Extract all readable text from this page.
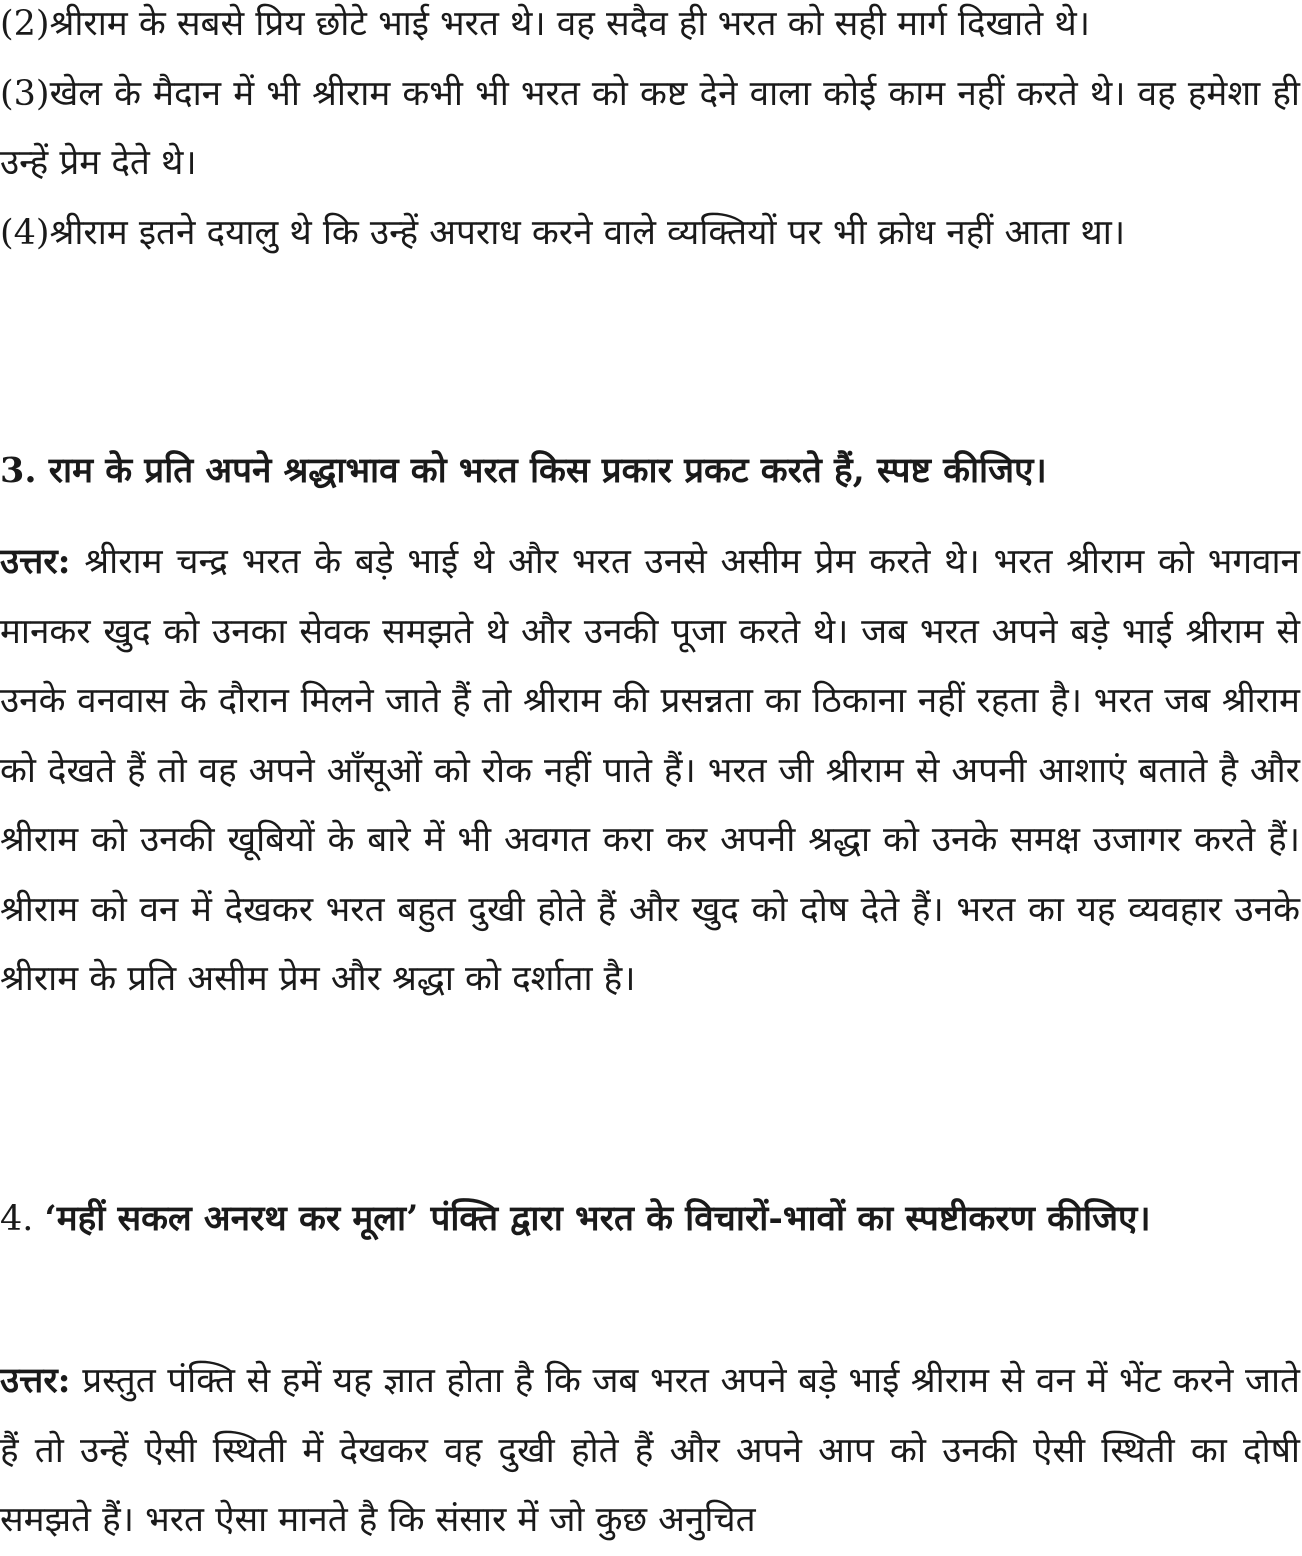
(2)श्रीराम के सबसे प्रिय छोटे भाई भरत थे। वह सदैव ही भरत को सही मार्ग दिखाते थे।

(3)खेल के मैदान में भी श्रीराम कभी भी भरत को कष्ट देने वाला कोई काम नहीं करते थे। वह हमेशा ही उन्हें प्रेम देते थे।

(4)श्रीराम इतने दयालु थे कि उन्हें अपराध करने वाले व्यक्तियों पर भी क्रोध नहीं आता था।

3. राम के प्रति अपने श्रद्धाभाव को भरत किस प्रकार प्रकट करते हैं, स्पष्ट कीजिए।

उत्तर: श्रीराम चन्द्र भरत के बड़े भाई थे और भरत उनसे असीम प्रेम करते थे। भरत श्रीराम को भगवान मानकर खुद को उनका सेवक समझते थे और उनकी पूजा करते थे। जब भरत अपने बड़े भाई श्रीराम से उनके वनवास के दौरान मिलने जाते हैं तो श्रीराम की प्रसन्नता का ठिकाना नहीं रहता है। भरत जब श्रीराम को देखते हैं तो वह अपने आँसूओं को रोक नहीं पाते हैं। भरत जी श्रीराम से अपनी आशाएं बताते है और श्रीराम को उनकी खूबियों के बारे में भी अवगत करा कर अपनी श्रद्धा को उनके समक्ष उजागर करते हैं। श्रीराम को वन में देखकर भरत बहुत दुखी होते हैं और खुद को दोष देते हैं। भरत का यह व्यवहार उनके श्रीराम के प्रति असीम प्रेम और श्रद्धा को दर्शाता है।

4. ‘महीं सकल अनरथ कर मूला’ पंक्ति द्वारा भरत के विचारों-भावों का स्पष्टीकरण कीजिए।

उत्तर: प्रस्तुत पंक्ति से हमें यह ज्ञात होता है कि जब भरत अपने बड़े भाई श्रीराम से वन में भेंट करने जाते हैं तो उन्हें ऐसी स्थिती में देखकर वह दुखी होते हैं और अपने आप को उनकी ऐसी स्थिती का दोषी समझते हैं। भरत ऐसा मानते है कि संसार में जो कुछ अनुचित
